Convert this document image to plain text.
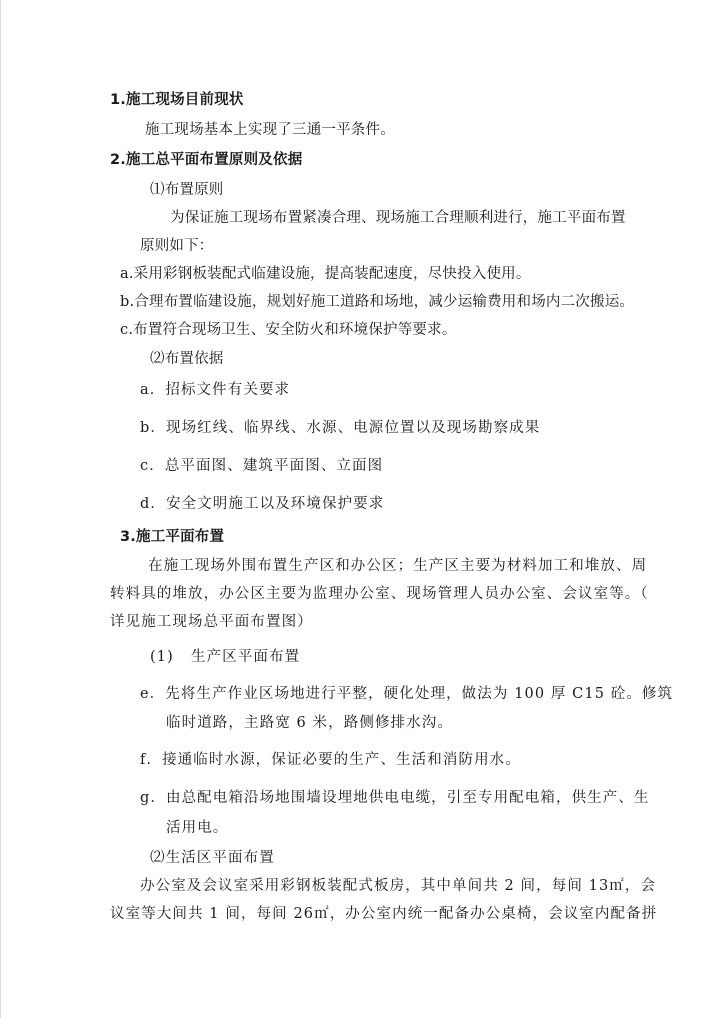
1.施工现场目前现状
施工现场基本上实现了三通一平条件。
2.施工总平面布置原则及依据
⑴布置原则
为保证施工现场布置紧凑合理、现场施工合理顺利进行，施工平面布置
原则如下：
a.采用彩钢板装配式临建设施，提高装配速度，尽快投入使用。
b.合理布置临建设施，规划好施工道路和场地，减少运输费用和场内二次搬运。
c.布置符合现场卫生、安全防火和环境保护等要求。
⑵布置依据
a．招标文件有关要求
b．现场红线、临界线、水源、电源位置以及现场勘察成果
c．总平面图、建筑平面图、立面图
d．安全文明施工以及环境保护要求
3.施工平面布置
在施工现场外围布置生产区和办公区；生产区主要为材料加工和堆放、周
转料具的堆放，办公区主要为监理办公室、现场管理人员办公室、会议室等。（
详见施工现场总平面布置图）
(1)   生产区平面布置
e．先将生产作业区场地进行平整，硬化处理，做法为 100 厚 C15 砼。修筑
临时道路，主路宽 6 米，路侧修排水沟。
f．接通临时水源，保证必要的生产、生活和消防用水。
g．由总配电箱沿场地围墙设埋地供电电缆，引至专用配电箱，供生产、生
活用电。
⑵生活区平面布置
办公室及会议室采用彩钢板装配式板房，其中单间共 2 间，每间 13㎡，会
议室等大间共 1 间，每间 26㎡，办公室内统一配备办公桌椅，会议室内配备拼
